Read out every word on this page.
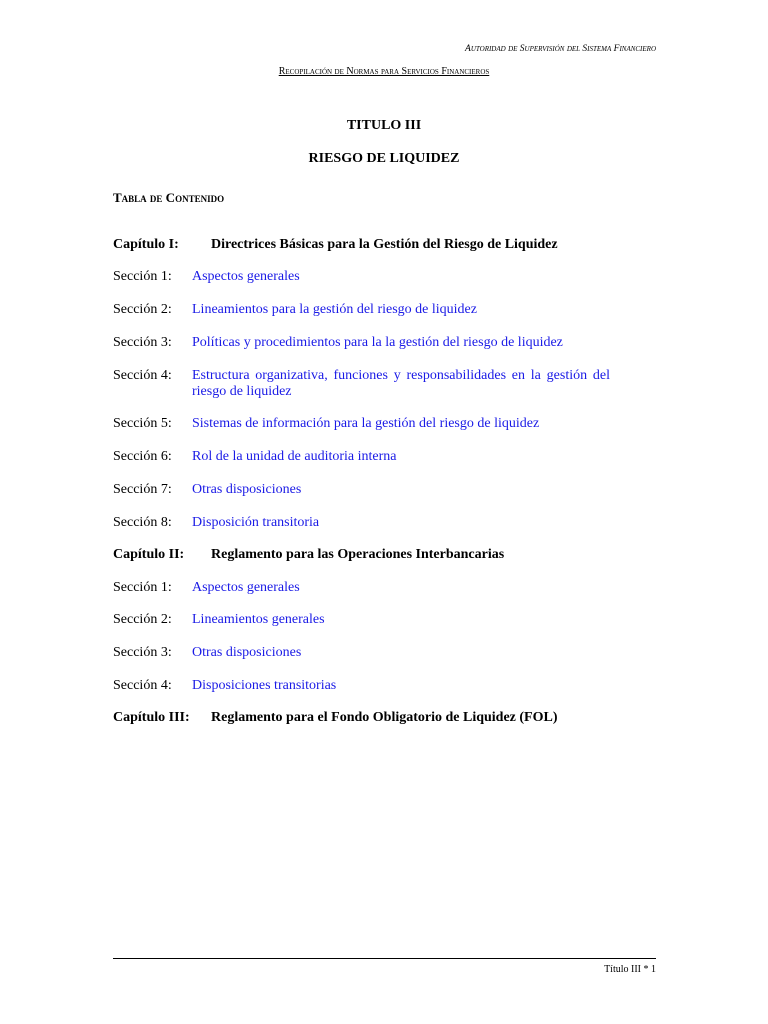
Autoridad de Supervisión del Sistema Financiero
Recopilación de Normas para Servicios Financieros
TITULO III
RIESGO DE LIQUIDEZ
Tabla de Contenido
Capítulo I: Directrices Básicas para la Gestión del Riesgo de Liquidez
Sección 1: Aspectos generales
Sección 2: Lineamientos para la gestión del riesgo de liquidez
Sección 3: Políticas y procedimientos para la la gestión del riesgo de liquidez
Sección 4: Estructura organizativa, funciones y responsabilidades en la gestión del riesgo de liquidez
Sección 5: Sistemas de información para la gestión del riesgo de liquidez
Sección 6: Rol de la unidad de auditoria interna
Sección 7: Otras disposiciones
Sección 8: Disposición transitoria
Capítulo II: Reglamento para las Operaciones Interbancarias
Sección 1: Aspectos generales
Sección 2: Lineamientos generales
Sección 3: Otras disposiciones
Sección 4: Disposiciones transitorias
Capítulo III: Reglamento para el Fondo Obligatorio de Liquidez (FOL)
Título III * 1
